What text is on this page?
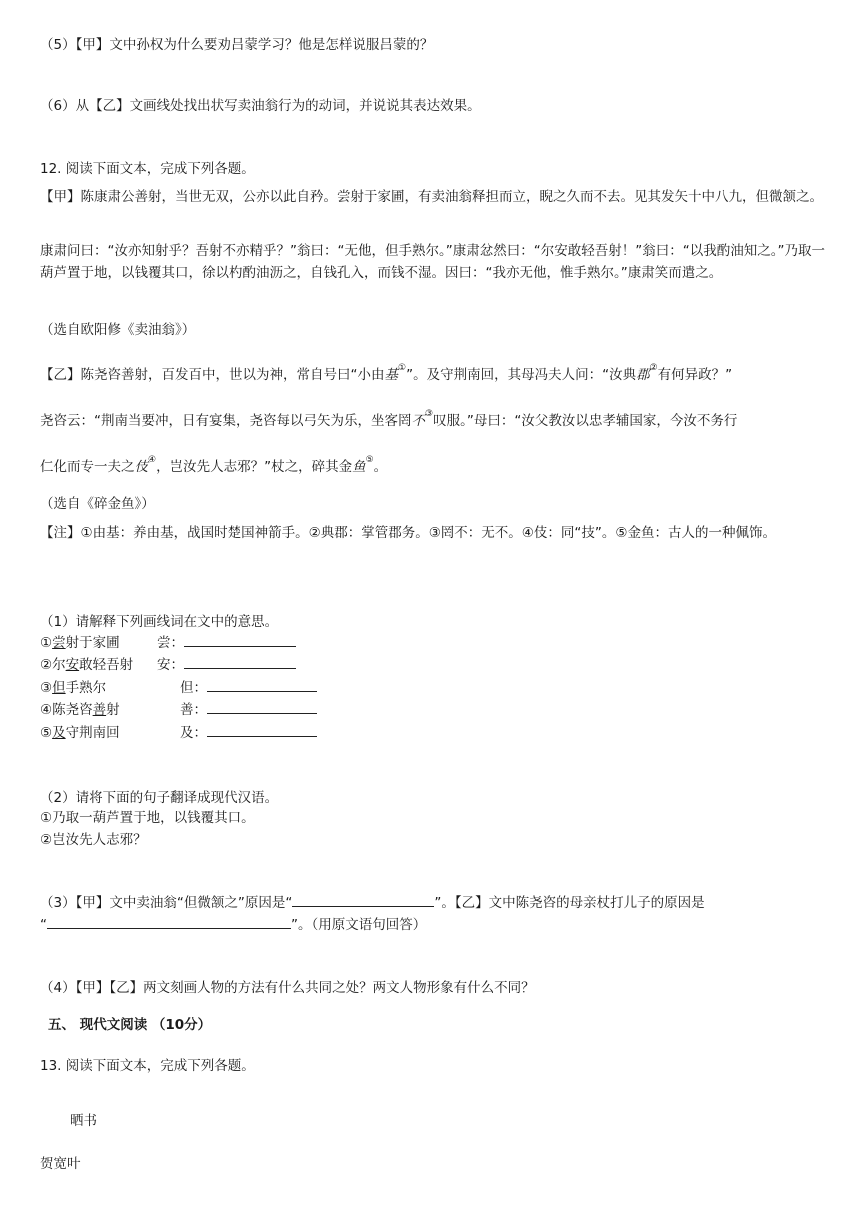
（5）【甲】文中孙权为什么要劝吕蒙学习？他是怎样说服吕蒙的？
（6）从【乙】文画线处找出状写卖油翁行为的动词，并说说其表达效果。
12. 阅读下面文本，完成下列各题。
【甲】陈康肃公善射，当世无双，公亦以此自矜。尝射于家圃，有卖油翁释担而立，睨之久而不去。见其发矢十中八九，但微颔之。
康肃问曰：“汝亦知射乎？吾射不亦精乎？”翁曰：“无他，但手熟尔。”康肃忿然曰：“尔安敢轻吾射！”翁曰：“以我酌油知之。”乃取一葫芦置于地，以钱覆其口，徐以杓酌油沥之，自钱孔入，而钱不湿。因曰：“我亦无他，惟手熟尔。”康肃笑而遣之。
（选自欧阳修《卖油翁》）
【乙】陈尧咨善射，百发百中，世以为神，常自号曰“小由基①”。及守荆南回，其母冯夫人问：“汝典郡②有何异政？”
尧咨云：“荆南当要冲，日有宴集，尧咨每以弓矢为乐，坐客罔不③叹服。”母曰：“汝父教汝以忠孝辅国家，今汝不务行
仁化而专一夫之伎④，岂汝先人志邪？”杖之，碎其金鱼⑤。
（选自《碎金鱼》）
【注】①由基：养由基，战国时楚国神箭手。②典郡：掌管郡务。③罔不：无不。④伎：同“技”。⑤金鱼：古人的一种佩饰。
（1）请解释下列画线词在文中的意思。
①尝射于家圃	尝：
②尔安敢轻吾射 安：
③但手熟尔	但：
④陈尧咨善射	善：
⑤及守荆南回	及：
（2）请将下面的句子翻译成现代汉语。
①乃取一葫芦置于地，以钱覆其口。
②岂汝先人志邪？
（3）【甲】文中卖油翁“但微颔之”原因是“	”。【乙】文中陈尧咨的母亲杖打儿子的原因是
“	”。（用原文语句回答）
（4）【甲】【乙】两文刻画人物的方法有什么共同之处？两文人物形象有什么不同？
五、 现代文阅读 （10分）
13. 阅读下面文本，完成下列各题。
晒书
贺宽叶
